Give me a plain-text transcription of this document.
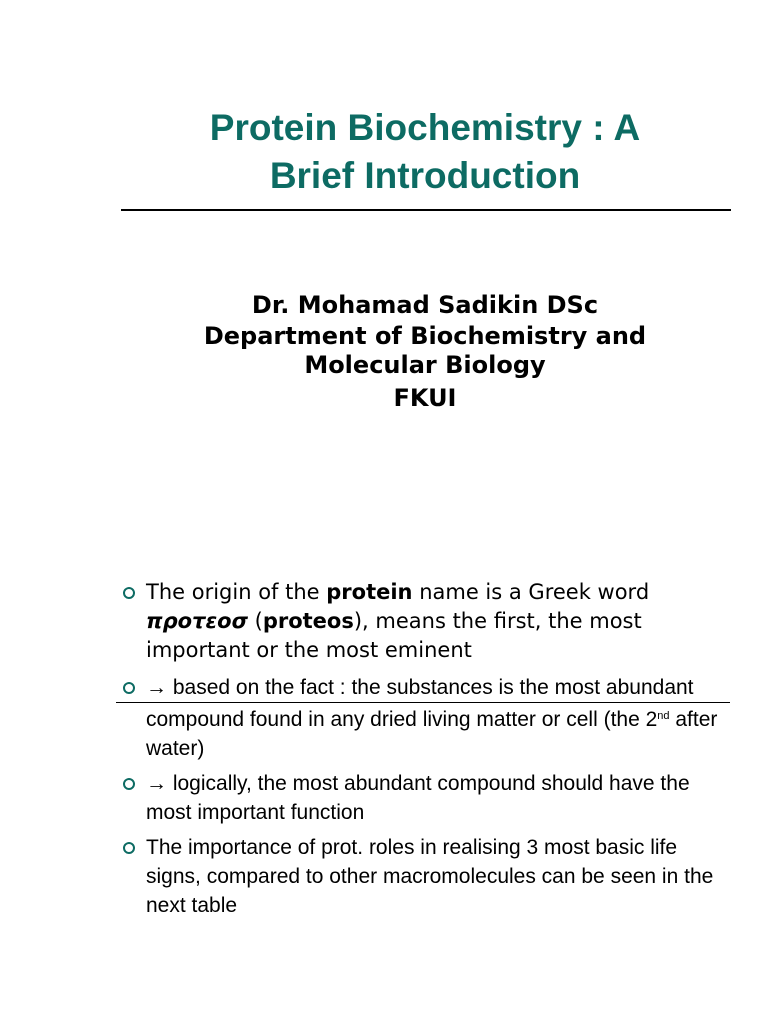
Protein Biochemistry : A
Brief Introduction
Dr. Mohamad Sadikin DSc
Department of Biochemistry and
Molecular Biology
FKUI
The origin of the protein name is a Greek word πρoτεoσ (proteos), means the first, the most important or the most eminent
→ based on the fact : the substances is the most abundant compound found in any dried living matter or cell (the 2nd after water)
→ logically, the most abundant compound should have the most important function
The importance of prot. roles in realising 3 most basic life signs, compared to other macromolecules can be seen in the next table
